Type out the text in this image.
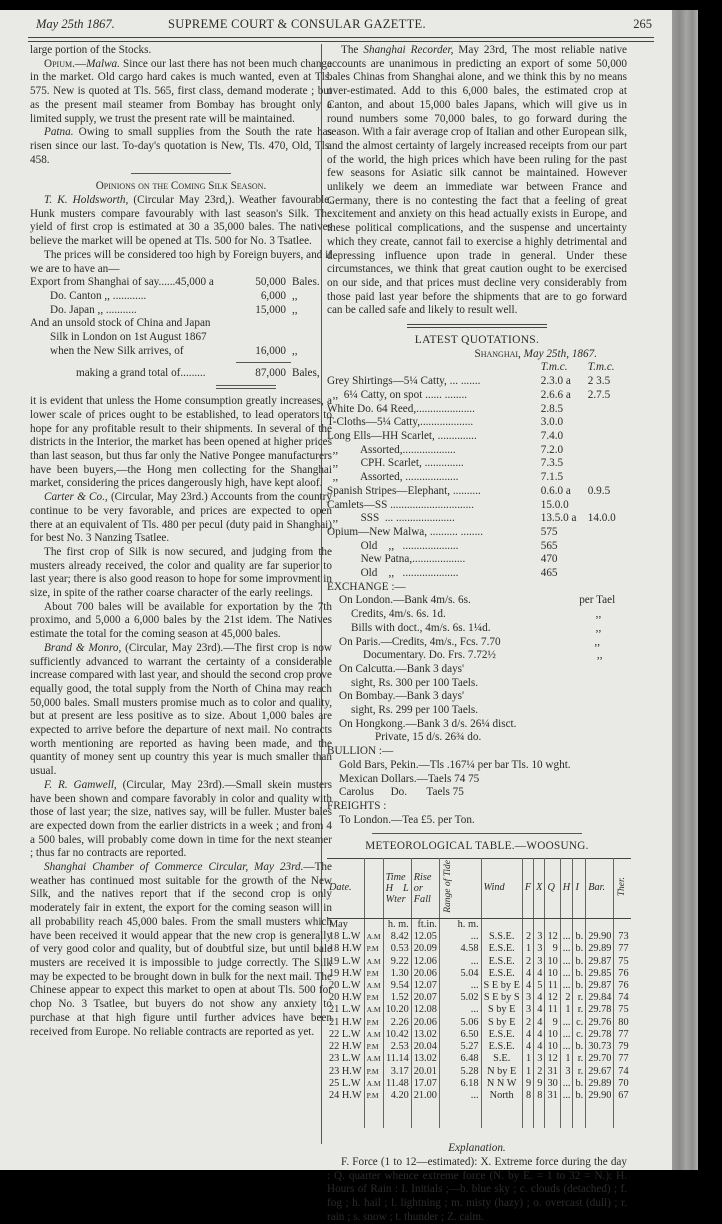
May 25th 1867.	SUPREME COURT & CONSULAR GAZETTE.	265

large portion of the Stocks.

Opium.—Malwa. Since our last there has not been much change in the market. Old cargo hard cakes is much wanted, even at Tls. 575. New is quoted at Tls. 565, first class, demand moderate ; but as the present mail steamer from Bombay has brought only a limited supply, we trust the present rate will be maintained.

Patna. Owing to small supplies from the South the rate has risen since our last. To-day's quotation is New, Tls. 470, Old, Tls. 458.

Opinions on the Coming Silk Season.

T. K. Holdsworth, (Circular May 23rd,). Weather favourable. Hunk musters compare favourably with last season's Silk. The yield of first crop is estimated at 30 a 35,000 bales. The natives believe the market will be opened at Tls. 500 for No. 3 Tsatlee.

The prices will be considered too high by Foreign buyers, and if we are to have an—

Export from Shanghai of say......45,000 a	50,000 Bales.
Do. Canton ,, ............	6,000 ,,
Do. Japan ,, ...........	15,000 ,,
And an unsold stock of China and Japan
Silk in London on 1st August 1867
when the New Silk arrives, of	16,000 ,,
making a grand total of.........	87,000 Bales,

it is evident that unless the Home consumption greatly increases, a lower scale of prices ought to be established, to lead operators to hope for any profitable result to their shipments. In several of the districts in the Interior, the market has been opened at higher prices than last season, but thus far only the Native Pongee manufacturers have been buyers,—the Hong men collecting for the Shanghai market, considering the prices dangerously high, have kept aloof.

Carter & Co., (Circular, May 23rd.) Accounts from the country continue to be very favorable, and prices are expected to open there at an equivalent of Tls. 480 per pecul (duty paid in Shanghai) for best No. 3 Nanzing Tsatlee.

The first crop of Silk is now secured, and judging from the musters already received, the color and quality are far superior to last year; there is also good reason to hope for some improvment in size, in spite of the rather coarse character of the early reelings.

About 700 bales will be available for exportation by the 7th proximo, and 5,000 a 6,000 bales by the 21st idem. The Natives estimate the total for the coming season at 45,000 bales.

Brand & Monro, (Circular, May 23rd).—The first crop is now sufficiently advanced to warrant the certainty of a considerable increase compared with last year, and should the second crop prove equally good, the total supply from the North of China may reach 50,000 bales. Small musters promise much as to color and quality, but at present are less positive as to size. About 1,000 bales are expected to arrive before the departure of next mail. No contracts worth mentioning are reported as having been made, and the quantity of money sent up country this year is much smaller than usual.

F. R. Gamwell, (Circular, May 23rd).—Small skein musters have been shown and compare favorably in color and quality with those of last year; the size, natives say, will be fuller. Muster bales are expected down from the earlier districts in a week ; and from 4 a 500 bales, will probably come down in time for the next steamer ; thus far no contracts are reported.

Shanghai Chamber of Commerce Circular, May 23rd.—The weather has continued most suitable for the growth of the New Silk, and the natives report that if the second crop is only moderately fair in extent, the export for the coming season will in all probability reach 45,000 bales. From the small musters which have been received it would appear that the new crop is generally of very good color and quality, but of doubtful size, but until bale musters are received it is impossible to judge correctly. The Silk may be expected to be brought down in bulk for the next mail. The Chinese appear to expect this market to open at about Tls. 500 for chop No. 3 Tsatlee, but buyers do not show any anxiety to purchase at that high figure until further advices have been received from Europe. No reliable contracts are reported as yet.

The Shanghai Recorder, May 23rd, The most reliable native accounts are unanimous in predicting an export of some 50,000 bales Chinas from Shanghai alone, and we think this by no means over-estimated. Add to this 6,000 bales, the estimated crop at Canton, and about 15,000 bales Japans, which will give us in round numbers some 70,000 bales, to go forward during the season. With a fair average crop of Italian and other European silk, and the almost certainty of largely increased receipts from our part of the world, the high prices which have been ruling for the past few seasons for Asiatic silk cannot be maintained. However unlikely we deem an immediate war between France and Germany, there is no contesting the fact that a feeling of great excitement and anxiety on this head actually exists in Europe, and these political complications, and the suspense and uncertainty which they create, cannot fail to exercise a highly detrimental and depressing influence upon trade in general. Under these circumstances, we think that great caution ought to be exercised on our side, and that prices must decline very considerably from those paid last year before the shipments that are to go forward can be called safe and likely to result well.

LATEST QUOTATIONS.
Shanghai, May 25th, 1867.
T.m.c.	T.m.c.
Grey Shirtings—5¼ Catty, ... .......	2.3.0 a	2 3.5
,,  6¼ Catty, on spot ...... ........	2.6.6 a	2.7.5
White Do. 64 Reed,.....................	2.8.5
T-Cloths—5¼ Catty,...................	3.0.0
Long Ells—HH Scarlet, ..............	7.4.0
,,        Assorted,...................	7.2.0
,,        CPH. Scarlet, ..............	7.3.5
,,        Assorted, ...................	7.1.5
Spanish Stripes—Elephant, ..........	0.6.0 a	0.9.5
Camlets—SS ..............................	15.0.0
,,        SSS  ... .....................	13.5.0 a	14.0.0
Opium—New Malwa, .......... ........	575
Old    ,,   ....................	565
New Patna,...................	470
Old    ,,   ....................	465
EXCHANGE :—
On London.—Bank 4m/s. 6s.	per Tael
Credits, 4m/s. 6s. 1d.	,,
Bills with doct., 4m/s. 6s. 1¼d.	,,
On Paris.—Credits, 4m/s., Fcs. 7.70	,,
Documentary. Do. Frs. 7.72½	,,
On Calcutta.—Bank 3 days'
sight, Rs. 300 per 100 Taels.
On Bombay.—Bank 3 days'
sight, Rs. 299 per 100 Taels.
On Hongkong.—Bank 3 d/s. 26¼ disct.
Private, 15 d/s. 26¾ do.
BULLION :—
Gold Bars, Pekin.—Tls .167¼ per bar Tls. 10 wght.
Mexican Dollars.—Taels 74 75
Carolus      Do.       Taels 75
FREIGHTS :
To London.—Tea £5. per Ton.
METEOROLOGICAL TABLE.—WOOSUNG.
Date.		Time H L Wter	Rise or Fall	Range of Tide	Wind	F	X	Q	H	I	Bar.	Ther.
May		h. m.	ft.in.	h. m.								
18 L.W	A.M	8.42	12.05	...	S.S.E.	2	3	12	...	b.	29.90	73
18 H.W	P.M	0.53	20.09	4.58	E.S.E.	1	3	9	...	b.	29.89	77
19 L.W	A.M	9.22	12.06	...	E.S.E.	2	3	10	...	b.	29.87	75
19 H.W	P.M	1.30	20.06	5.04	E.S.E.	4	4	10	...	b.	29.85	76
20 L.W	A.M	9.54	12.07	...	S E by E	4	5	11	...	b.	29.87	76
20 H.W	P.M	1.52	20.07	5.02	S E by S	3	4	12	2	r.	29.84	74
21 L.W	A.M	10.20	12.08	...	S by E	3	4	11	1	r.	29.78	75
21 H.W	P.M	2.26	20.06	5.06	S by E	2	4	9	...	c.	29.76	80
22 L.W	A.M	10.42	13.02	6.50	E.S.E.	4	4	10	...	c.	29.78	77
22 H.W	P.M	2.53	20.04	5.27	E.S.E.	4	4	10	...	b.	30.73	79
23 L.W	A.M	11.14	13.02	6.48	S.E.	1	3	12	1	r.	29.70	77
23 H.W	P.M	3.17	20.01	5.28	N by E	1	2	31	3	r.	29.67	74
25 L.W	A.M	11.48	17.07	6.18	N N W	9	9	30	...	b.	29.89	70
24 H.W	P.M	4.20	21.00	...	North	8	8	31	...	b.	29.90	67

Explanation.

F. Force (1 to 12—estimated): X. Extreme force during the day : Q. quarter whence extreme force (N. by E. = 1 to 32 = N.): H. Hours of Rain : I. Initials ;—b. blue sky ; c. clouds (detached) ; f. fog ; h. hail ; l. lightning ; m. misty (hazy) ; o. overcast (dull) ; r. rain ; s. snow ; t. thunder ; Z. calm.
